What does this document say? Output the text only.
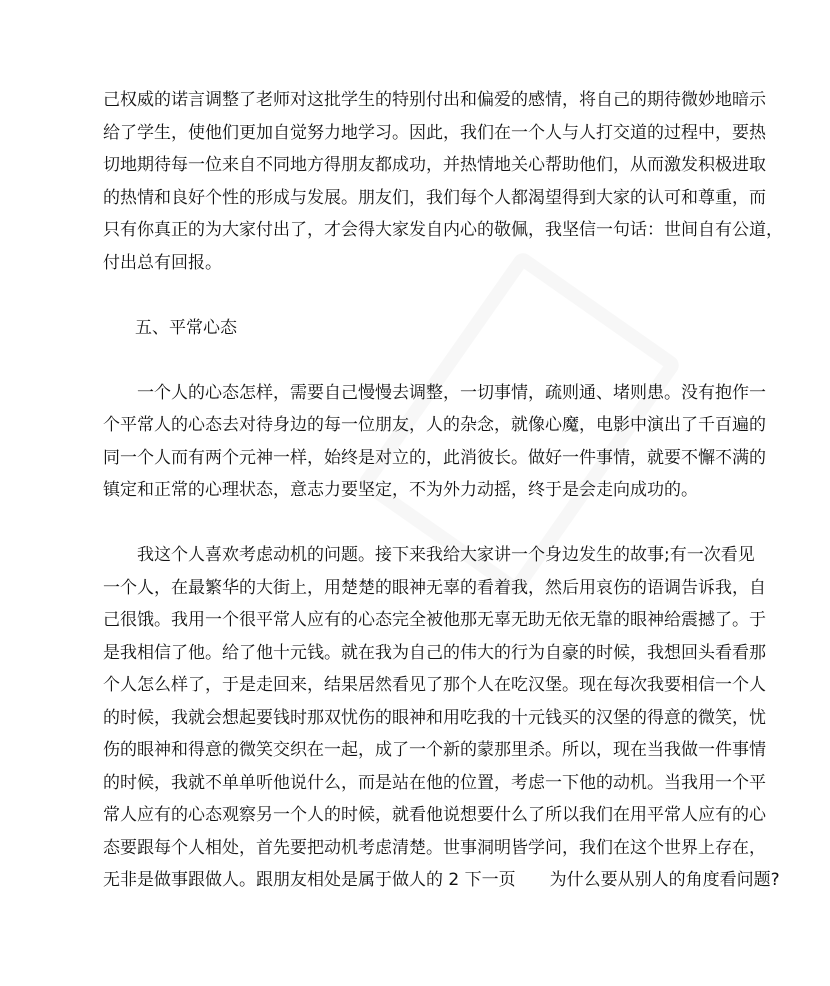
己权威的诺言调整了老师对这批学生的特别付出和偏爱的感情，将自己的期待微妙地暗示
给了学生，使他们更加自觉努力地学习。因此，我们在一个人与人打交道的过程中，要热
切地期待每一位来自不同地方得朋友都成功，并热情地关心帮助他们，从而激发积极进取
的热情和良好个性的形成与发展。朋友们，我们每个人都渴望得到大家的认可和尊重，而
只有你真正的为大家付出了，才会得大家发自内心的敬佩，我坚信一句话：世间自有公道，
付出总有回报。
五、平常心态
一个人的心态怎样，需要自己慢慢去调整，一切事情，疏则通、堵则患。没有抱作一
个平常人的心态去对待身边的每一位朋友，人的杂念，就像心魔，电影中演出了千百遍的
同一个人而有两个元神一样，始终是对立的，此消彼长。做好一件事情，就要不懈不满的
镇定和正常的心理状态，意志力要坚定，不为外力动摇，终于是会走向成功的。
我这个人喜欢考虑动机的问题。接下来我给大家讲一个身边发生的故事;有一次看见
一个人，在最繁华的大街上，用楚楚的眼神无辜的看着我，然后用哀伤的语调告诉我，自
己很饿。我用一个很平常人应有的心态完全被他那无辜无助无依无靠的眼神给震撼了。于
是我相信了他。给了他十元钱。就在我为自己的伟大的行为自豪的时候，我想回头看看那
个人怎么样了，于是走回来，结果居然看见了那个人在吃汉堡。现在每次我要相信一个人
的时候，我就会想起要钱时那双忧伤的眼神和用吃我的十元钱买的汉堡的得意的微笑，忧
伤的眼神和得意的微笑交织在一起，成了一个新的蒙那里杀。所以，现在当我做一件事情
的时候，我就不单单听他说什么，而是站在他的位置，考虑一下他的动机。当我用一个平
常人应有的心态观察另一个人的时候，就看他说想要什么了所以我们在用平常人应有的心
态要跟每个人相处，首先要把动机考虑清楚。世事洞明皆学问，我们在这个世界上存在，
无非是做事跟做人。跟朋友相处是属于做人的 2 下一页　　为什么要从别人的角度看问题?
